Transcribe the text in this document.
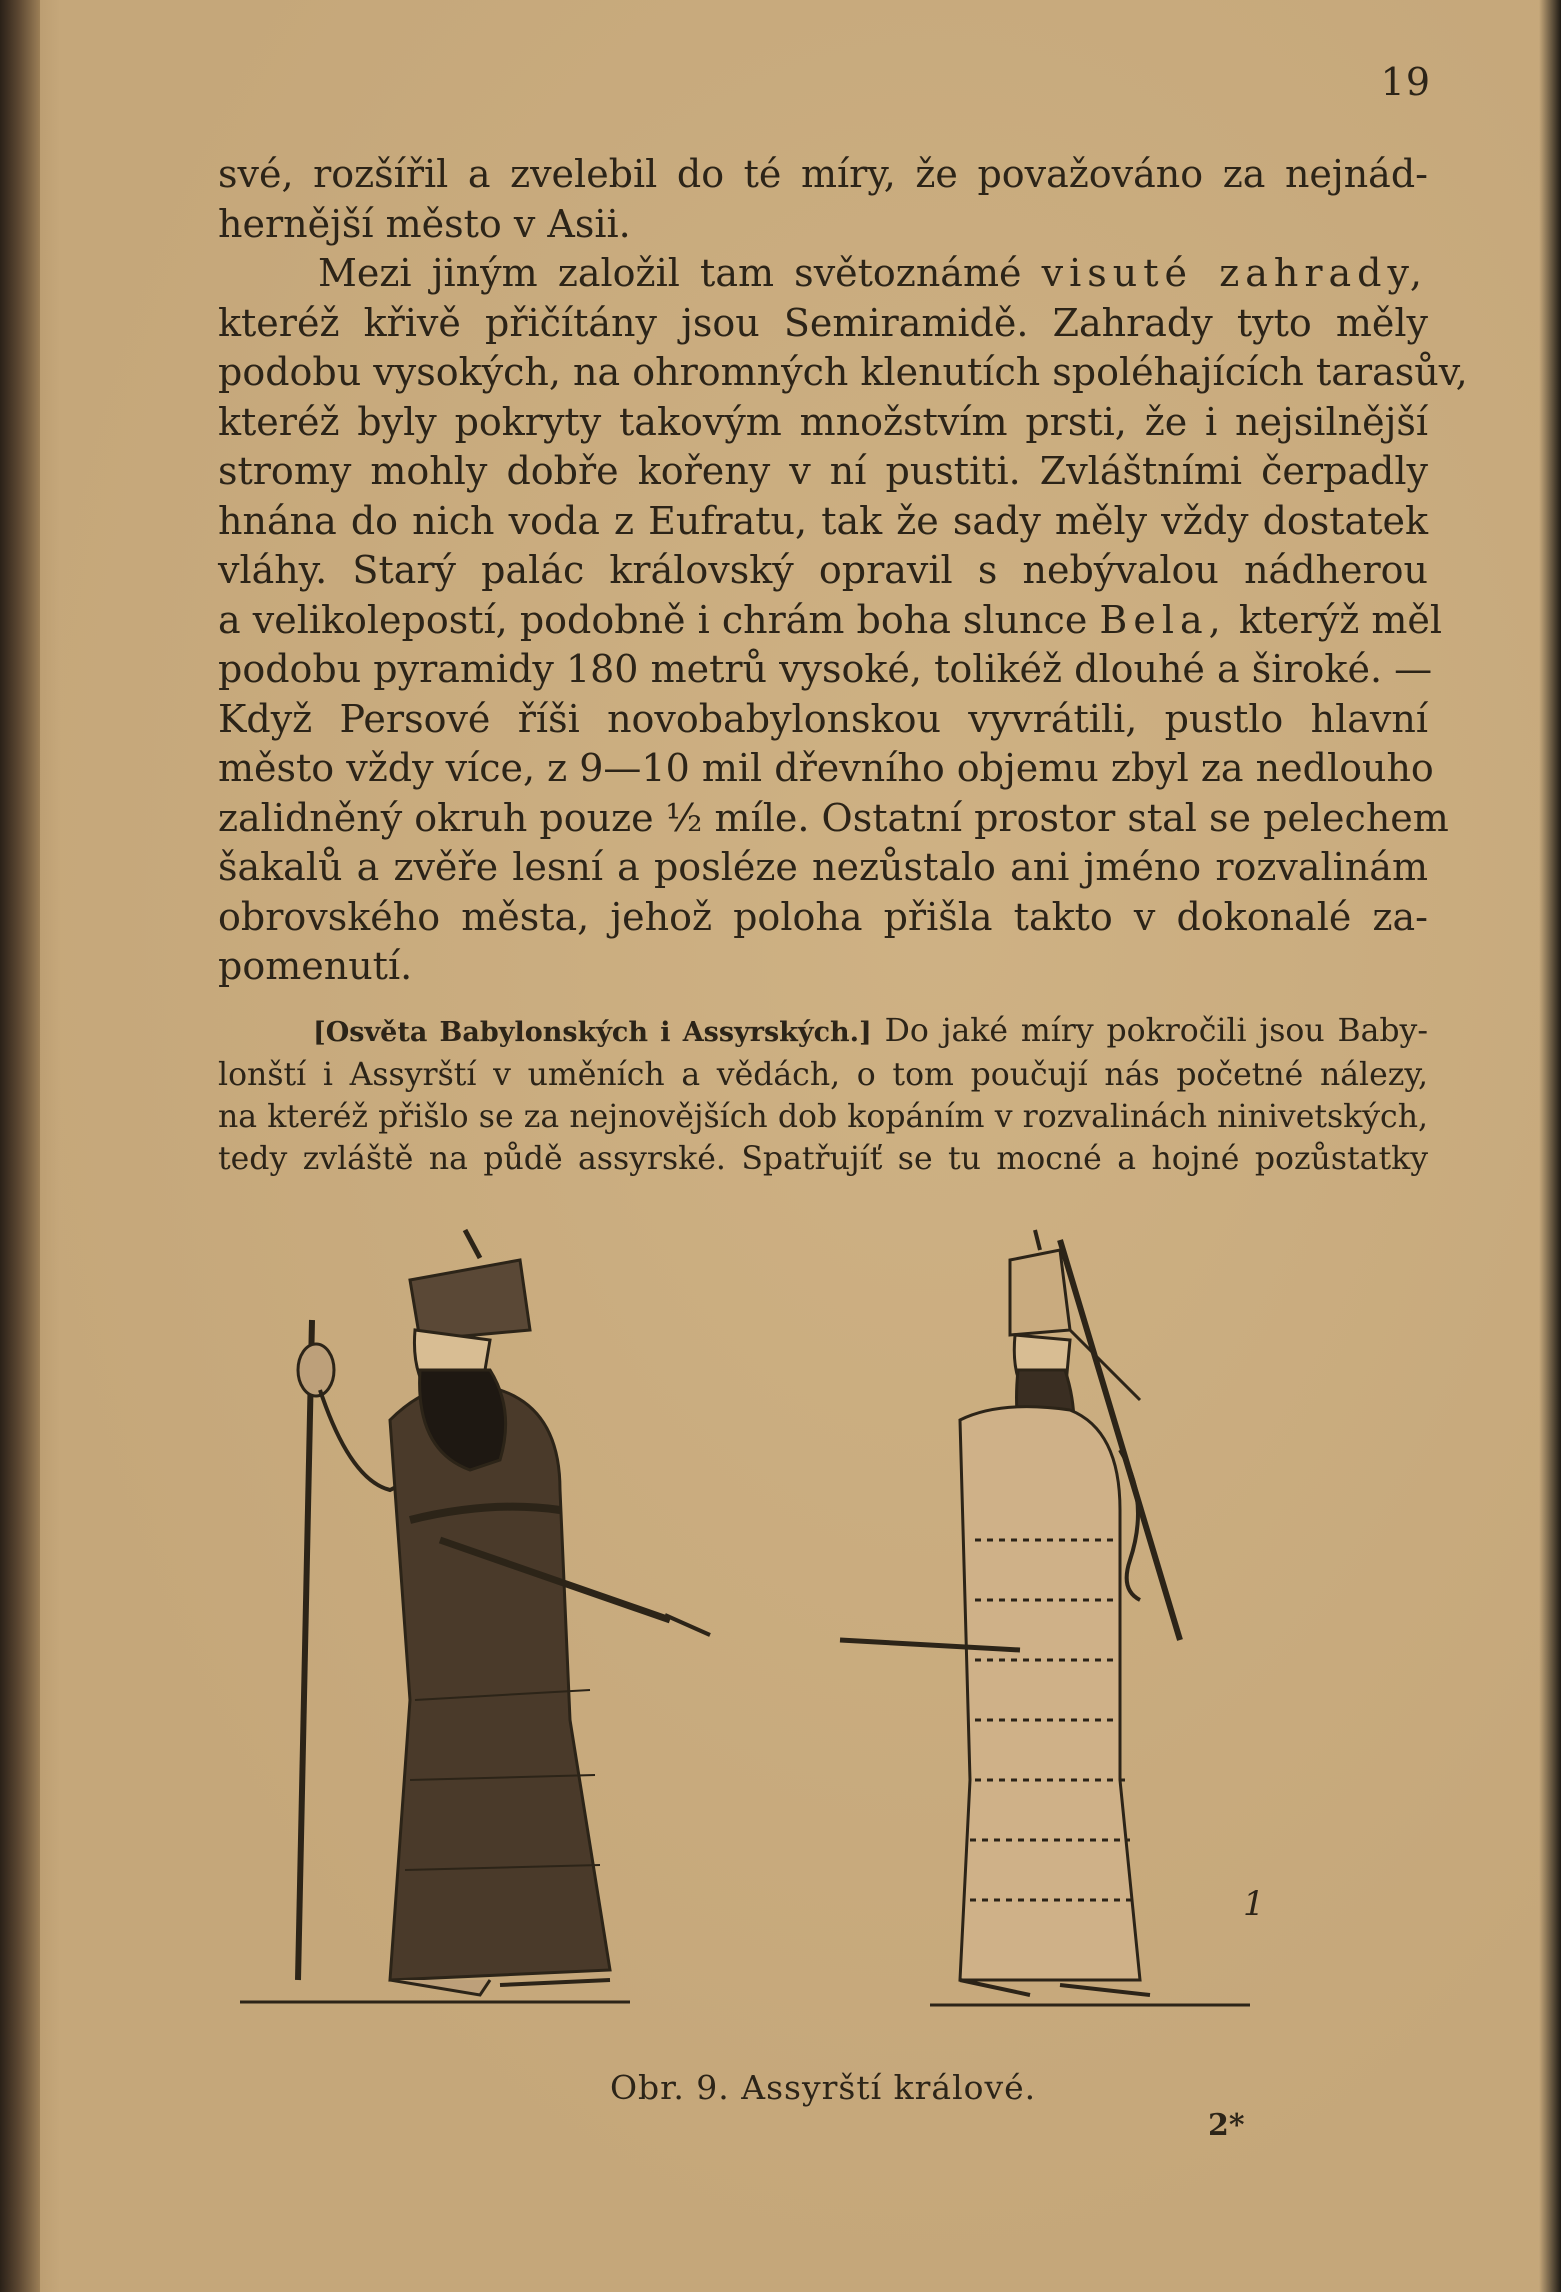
19
své, rozšířil a zvelebil do té míry, že považováno za nejnád-
hernější město v Asii.
Mezi jiným založil tam světoznámé visuté zahrady,
kteréž křivě přičítány jsou Semiramidě. Zahrady tyto měly
podobu vysokých, na ohromných klenutích spoléhajících tarasův,
kteréž byly pokryty takovým množstvím prsti, že i nejsilnější
stromy mohly dobře kořeny v ní pustiti. Zvláštními čerpadly
hnána do nich voda z Eufratu, tak že sady měly vždy dostatek
vláhy. Starý palác královský opravil s nebývalou nádherou
a velikolepostí, podobně i chrám boha slunce Bela, kterýž měl
podobu pyramidy 180 metrů vysoké, tolikéž dlouhé a široké. —
Když Persové říši novobabylonskou vyvrátili, pustlo hlavní
město vždy více, z 9—10 mil dřevního objemu zbyl za nedlouho
zalidněný okruh pouze ½ míle. Ostatní prostor stal se pelechem
šakalů a zvěře lesní a posléze nezůstalo ani jméno rozvalinám
obrovského města, jehož poloha přišla takto v dokonalé za-
pomenutí.
[Osvěta Babylonských i Assyrských.] Do jaké míry pokročili jsou Baby-
lonští i Assyrští v uměních a vědách, o tom poučují nás početné nálezy,
na kteréž přišlo se za nejnovějších dob kopáním v rozvalinách ninivetských,
tedy zvláště na půdě assyrské. Spatřujíť se tu mocné a hojné pozůstatky
1
Obr. 9. Assyrští králové.
2*
